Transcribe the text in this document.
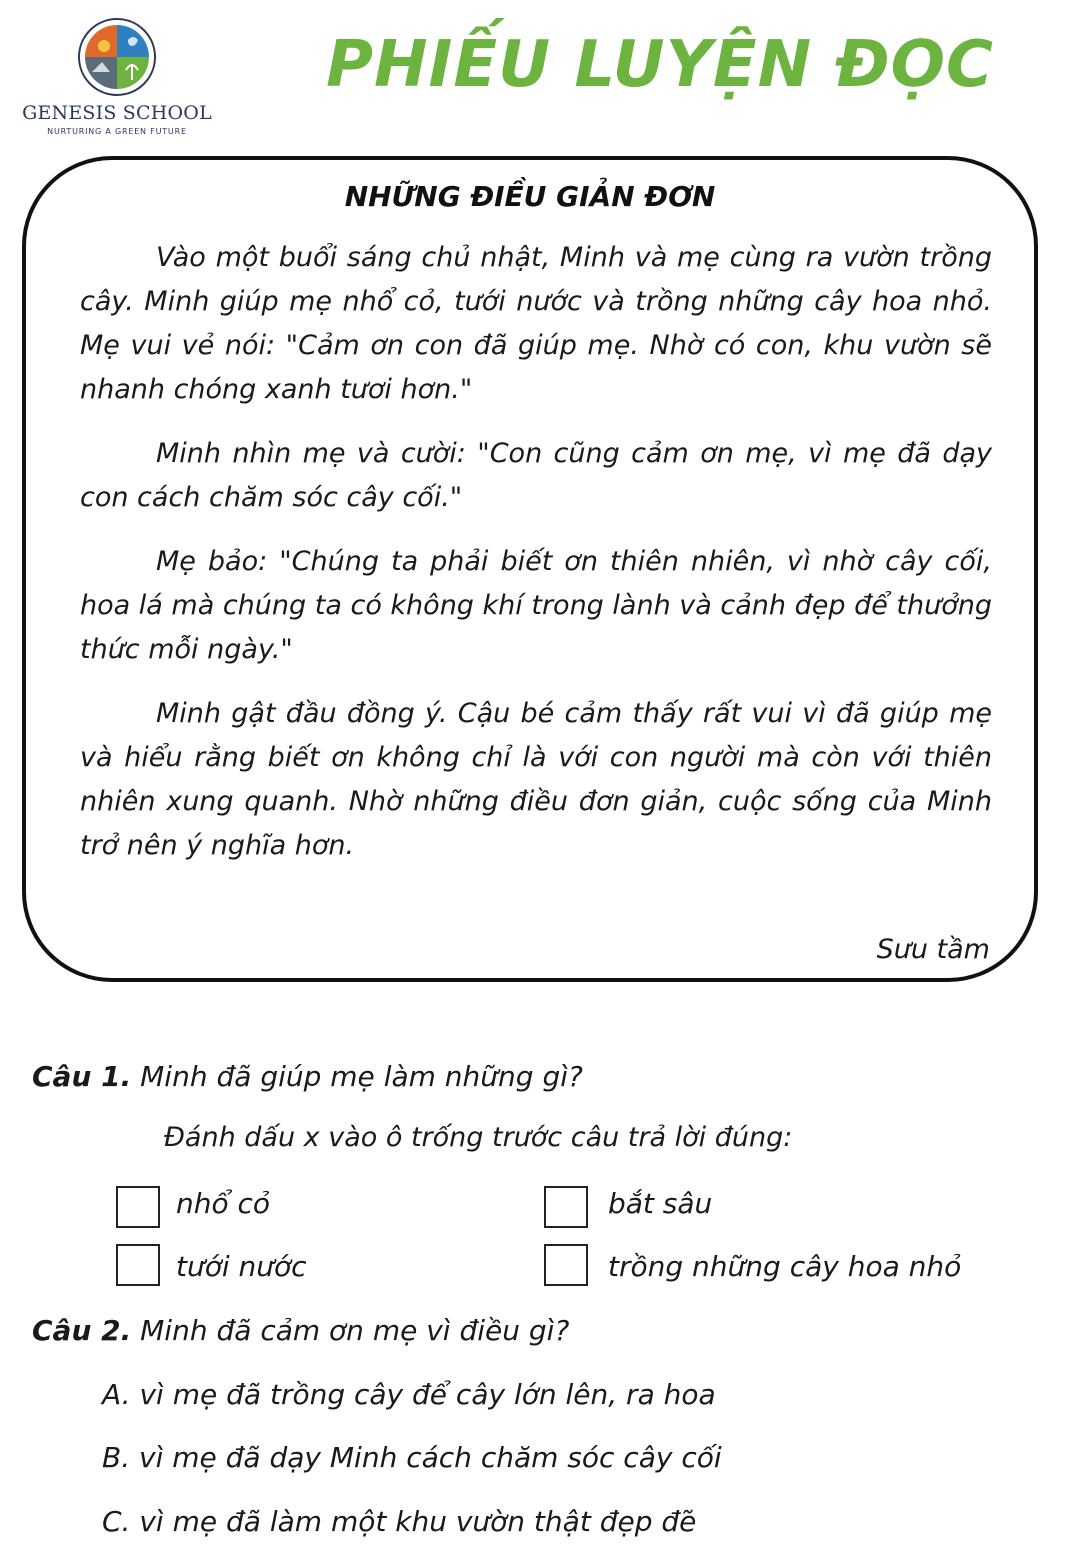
GENESIS SCHOOL
NURTURING A GREEN FUTURE
PHIẾU LUYỆN ĐỌC
NHỮNG ĐIỀU GIẢN ĐƠN

Vào một buổi sáng chủ nhật, Minh và mẹ cùng ra vườn trồng cây. Minh giúp mẹ nhổ cỏ, tưới nước và trồng những cây hoa nhỏ. Mẹ vui vẻ nói: "Cảm ơn con đã giúp mẹ. Nhờ có con, khu vườn sẽ nhanh chóng xanh tươi hơn."

Minh nhìn mẹ và cười: "Con cũng cảm ơn mẹ, vì mẹ đã dạy con cách chăm sóc cây cối."

Mẹ bảo: "Chúng ta phải biết ơn thiên nhiên, vì nhờ cây cối, hoa lá mà chúng ta có không khí trong lành và cảnh đẹp để thưởng thức mỗi ngày."

Minh gật đầu đồng ý. Cậu bé cảm thấy rất vui vì đã giúp mẹ và hiểu rằng biết ơn không chỉ là với con người mà còn với thiên nhiên xung quanh. Nhờ những điều đơn giản, cuộc sống của Minh trở nên ý nghĩa hơn.

Sưu tầm
Câu 1. Minh đã giúp mẹ làm những gì?
Đánh dấu x vào ô trống trước câu trả lời đúng:
nhổ cỏ	bắt sâu
tưới nước	trồng những cây hoa nhỏ
Câu 2. Minh đã cảm ơn mẹ vì điều gì?
A. vì mẹ đã trồng cây để cây lớn lên, ra hoa
B. vì mẹ đã dạy Minh cách chăm sóc cây cối
C. vì mẹ đã làm một khu vườn thật đẹp đẽ
